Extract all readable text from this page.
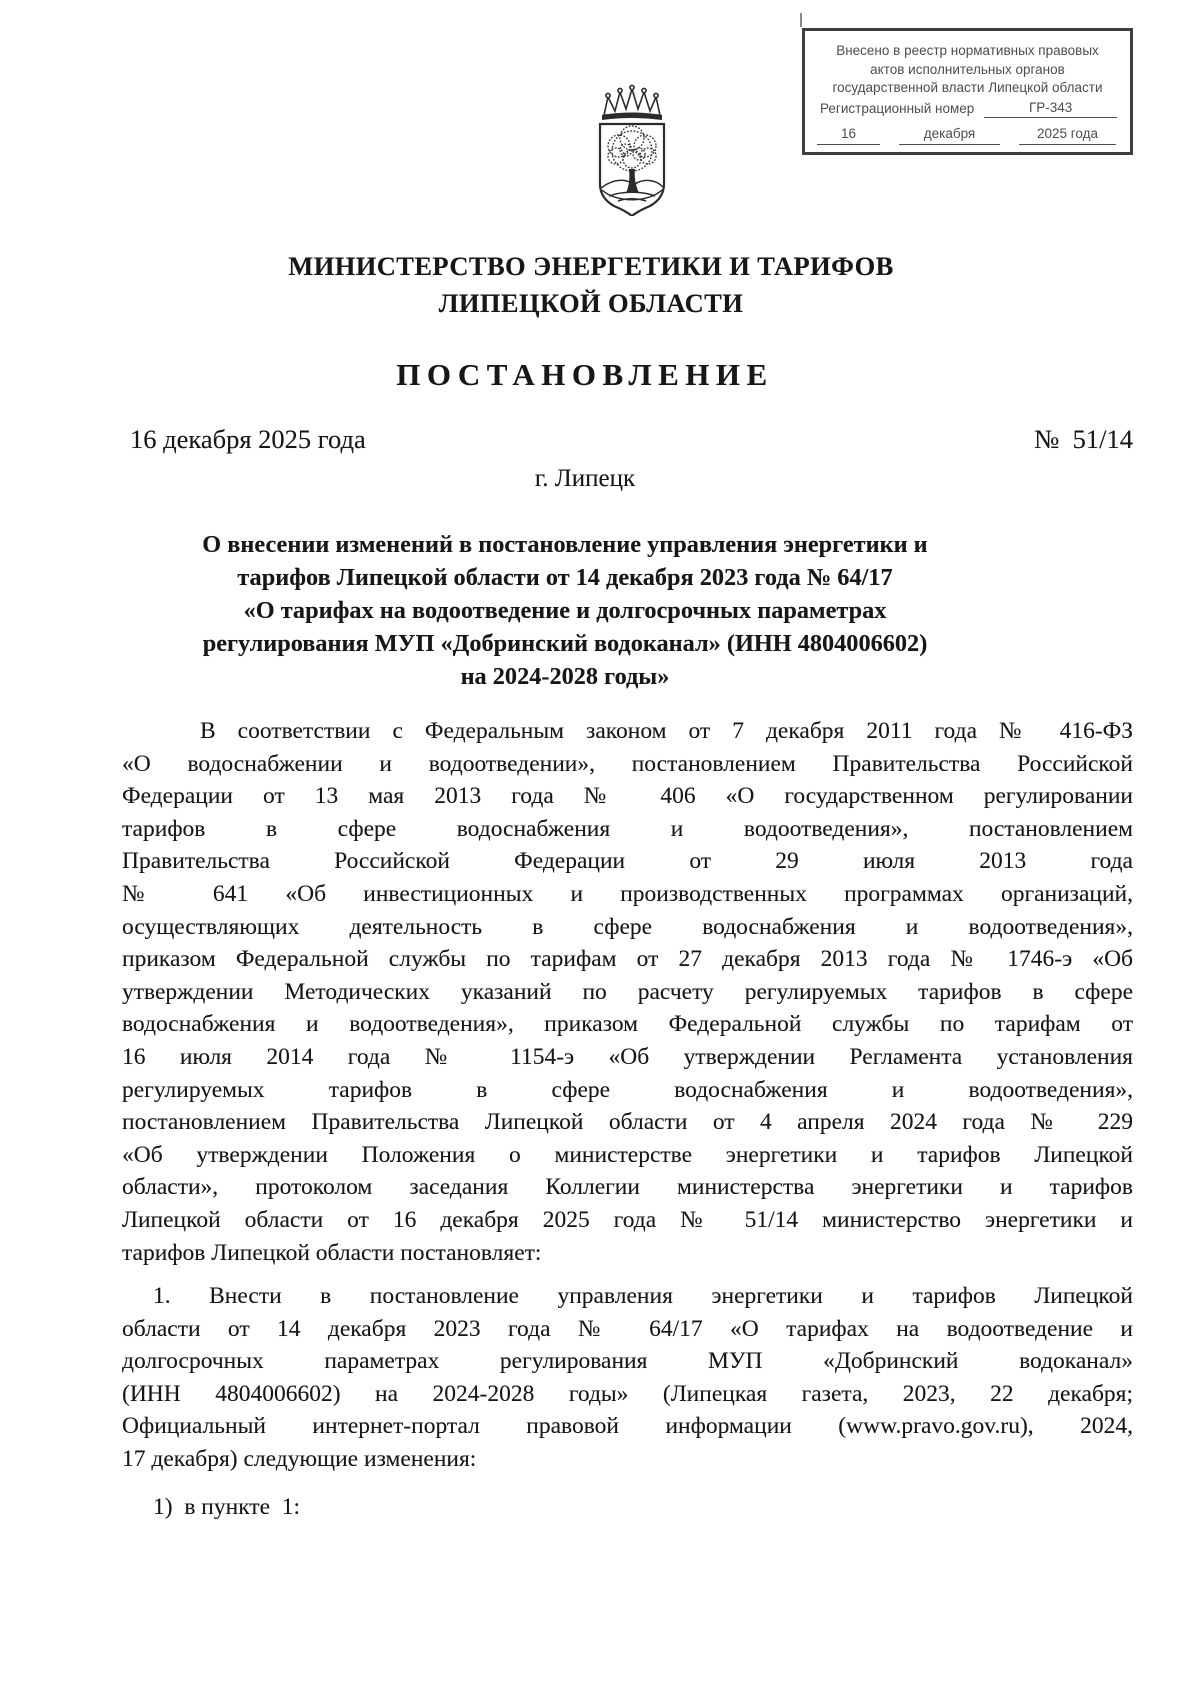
Внесено в реестр нормативных правовых
актов исполнительных органов
государственной власти Липецкой области
Регистрационный номер	ГР-343
16	декабря	2025 года
МИНИСТЕРСТВО ЭНЕРГЕТИКИ И ТАРИФОВ
ЛИПЕЦКОЙ ОБЛАСТИ
ПОСТАНОВЛЕНИЕ
16 декабря 2025 года	№  51/14
г. Липецк
О внесении изменений в постановление управления энергетики и
тарифов Липецкой области от 14 декабря 2023 года № 64/17
«О тарифах на водоотведение и долгосрочных параметрах
регулирования МУП «Добринский водоканал» (ИНН 4804006602)
на 2024-2028 годы»
В соответствии с Федеральным законом от 7 декабря 2011 года № 416-ФЗ
«О водоснабжении и водоотведении», постановлением Правительства Российской
Федерации от 13 мая 2013 года № 406 «О государственном регулировании
тарифов в сфере водоснабжения и водоотведения», постановлением
Правительства Российской Федерации от 29 июля 2013 года
№ 641 «Об инвестиционных и производственных программах организаций,
осуществляющих деятельность в сфере водоснабжения и водоотведения»,
приказом Федеральной службы по тарифам от 27 декабря 2013 года № 1746-э «Об
утверждении Методических указаний по расчету регулируемых тарифов в сфере
водоснабжения и водоотведения», приказом Федеральной службы по тарифам от
16 июля 2014 года № 1154-э «Об утверждении Регламента установления
регулируемых тарифов в сфере водоснабжения и водоотведения»,
постановлением Правительства Липецкой области от 4 апреля 2024 года № 229
«Об утверждении Положения о министерстве энергетики и тарифов Липецкой
области», протоколом заседания Коллегии министерства энергетики и тарифов
Липецкой области от 16 декабря 2025 года № 51/14 министерство энергетики и
тарифов Липецкой области постановляет:
1. Внести в постановление управления энергетики и тарифов Липецкой
области от 14 декабря 2023 года № 64/17 «О тарифах на водоотведение и
долгосрочных параметрах регулирования МУП «Добринский водоканал»
(ИНН 4804006602) на 2024-2028 годы» (Липецкая газета, 2023, 22 декабря;
Официальный интернет-портал правовой информации (www.pravo.gov.ru), 2024,
17 декабря) следующие изменения:
1)  в пункте  1:
